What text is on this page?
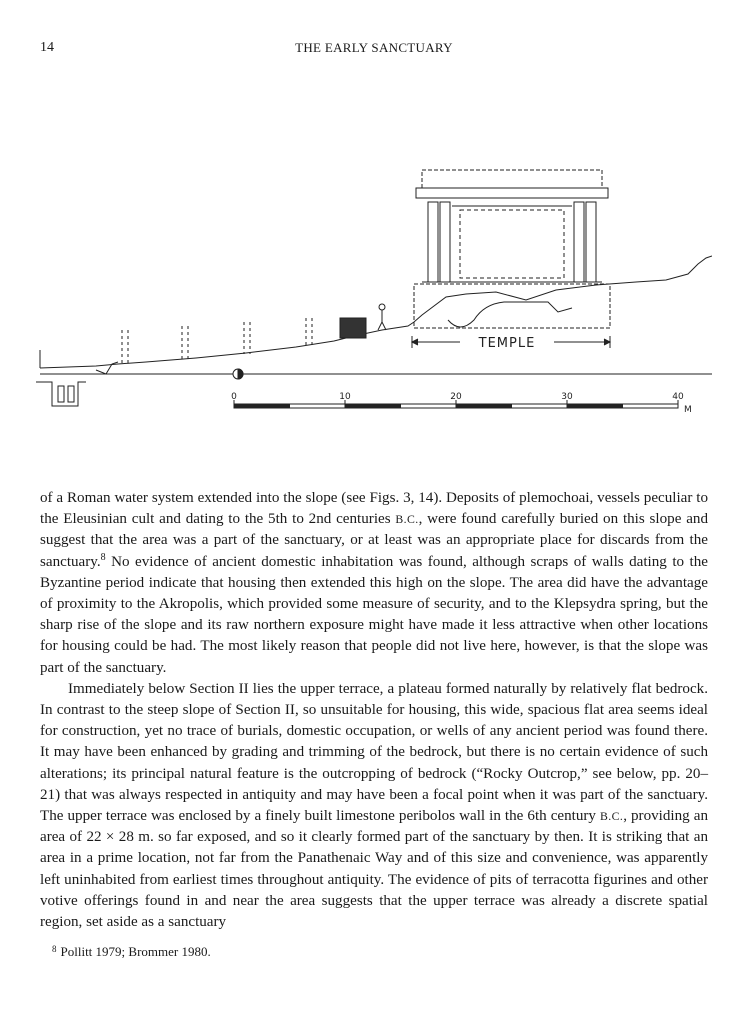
14	THE EARLY SANCTUARY
TEMPLE
0	10	20	30	40
M

of a Roman water system extended into the slope (see Figs. 3, 14). Deposits of plemochoai, vessels peculiar to the Eleusinian cult and dating to the 5th to 2nd centuries B.C., were found carefully buried on this slope and suggest that the area was a part of the sanctuary, or at least was an appropriate place for discards from the sanctuary.$^8$ No evidence of ancient domestic inhabitation was found, although scraps of walls dating to the Byzantine period indicate that housing then extended this high on the slope. The area did have the advantage of proximity to the Akropolis, which provided some measure of security, and to the Klepsydra spring, but the sharp rise of the slope and its raw northern exposure might have made it less attractive when other locations for housing could be had. The most likely reason that people did not live here, however, is that the slope was part of the sanctuary.

Immediately below Section II lies the upper terrace, a plateau formed naturally by relatively flat bedrock. In contrast to the steep slope of Section II, so unsuitable for housing, this wide, spacious flat area seems ideal for construction, yet no trace of burials, domestic occupation, or wells of any ancient period was found there. It may have been enhanced by grading and trimming of the bedrock, but there is no certain evidence of such alterations; its principal natural feature is the outcropping of bedrock (“Rocky Outcrop,” see below, pp. 20–21) that was always respected in antiquity and may have been a focal point when it was part of the sanctuary. The upper terrace was enclosed by a finely built limestone peribolos wall in the 6th century B.C., providing an area of 22 × 28 m. so far exposed, and so it clearly formed part of the sanctuary by then. It is striking that an area in a prime location, not far from the Panathenaic Way and of this size and convenience, was apparently left uninhabited from earliest times throughout antiquity. The evidence of pits of terracotta figurines and other votive offerings found in and near the area suggests that the upper terrace was already a discrete spatial region, set aside as a sanctuary

$^8$ Pollitt 1979; Brommer 1980.
